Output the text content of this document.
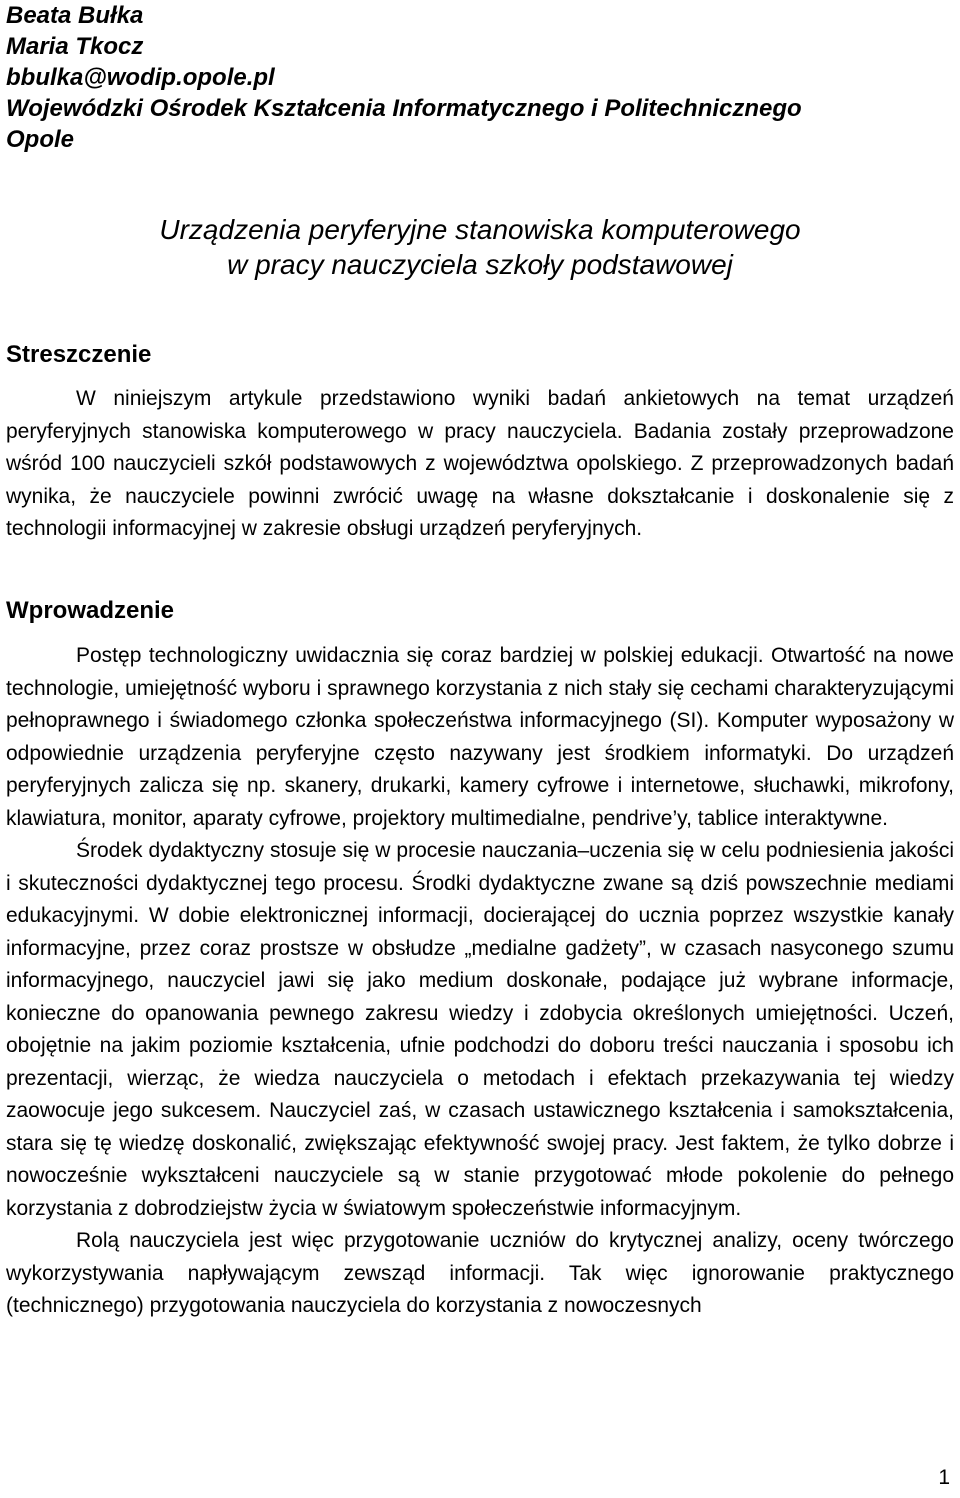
Beata Bułka
Maria Tkocz
bbulka@wodip.opole.pl
Wojewódzki Ośrodek Kształcenia Informatycznego i Politechnicznego
Opole
Urządzenia peryferyjne stanowiska komputerowego
w pracy nauczyciela szkoły podstawowej
Streszczenie

W niniejszym artykule przedstawiono wyniki badań ankietowych na temat urządzeń peryferyjnych stanowiska komputerowego w pracy nauczyciela. Badania zostały przeprowadzone wśród 100 nauczycieli szkół podstawowych z województwa opolskiego. Z przeprowadzonych badań wynika, że nauczyciele powinni zwrócić uwagę na własne dokształcanie i doskonalenie się z technologii informacyjnej w zakresie obsługi urządzeń peryferyjnych.

Wprowadzenie

Postęp technologiczny uwidacznia się coraz bardziej w polskiej edukacji. Otwartość na nowe technologie, umiejętność wyboru i sprawnego korzystania z nich stały się cechami charakteryzującymi pełnoprawnego i świadomego członka społeczeństwa informacyjnego (SI). Komputer wyposażony w odpowiednie urządzenia peryferyjne często nazywany jest środkiem informatyki. Do urządzeń peryferyjnych zalicza się np. skanery, drukarki, kamery cyfrowe i internetowe, słuchawki, mikrofony, klawiatura, monitor, aparaty cyfrowe, projektory multimedialne, pendrive’y, tablice interaktywne.

Środek dydaktyczny stosuje się w procesie nauczania–uczenia się w celu podniesienia jakości i skuteczności dydaktycznej tego procesu. Środki dydaktyczne zwane są dziś powszechnie mediami edukacyjnymi. W dobie elektronicznej informacji, docierającej do ucznia poprzez wszystkie kanały informacyjne, przez coraz prostsze w obsłudze „medialne gadżety”, w czasach nasyconego szumu informacyjnego, nauczyciel jawi się jako medium doskonałe, podające już wybrane informacje, konieczne do opanowania pewnego zakresu wiedzy i zdobycia określonych umiejętności. Uczeń, obojętnie na jakim poziomie kształcenia, ufnie podchodzi do doboru treści nauczania i sposobu ich prezentacji, wierząc, że wiedza nauczyciela o metodach i efektach przekazywania tej wiedzy zaowocuje jego sukcesem. Nauczyciel zaś, w czasach ustawicznego kształcenia i samokształcenia, stara się tę wiedzę doskonalić, zwiększając efektywność swojej pracy. Jest faktem, że tylko dobrze i nowocześnie wykształceni nauczyciele są w stanie przygotować młode pokolenie do pełnego korzystania z dobrodziejstw życia w światowym społeczeństwie informacyjnym.

Rolą nauczyciela jest więc przygotowanie uczniów do krytycznej analizy, oceny twórczego wykorzystywania napływającym zewsząd informacji. Tak więc ignorowanie praktycznego (technicznego) przygotowania nauczyciela do korzystania z nowoczesnych

1
